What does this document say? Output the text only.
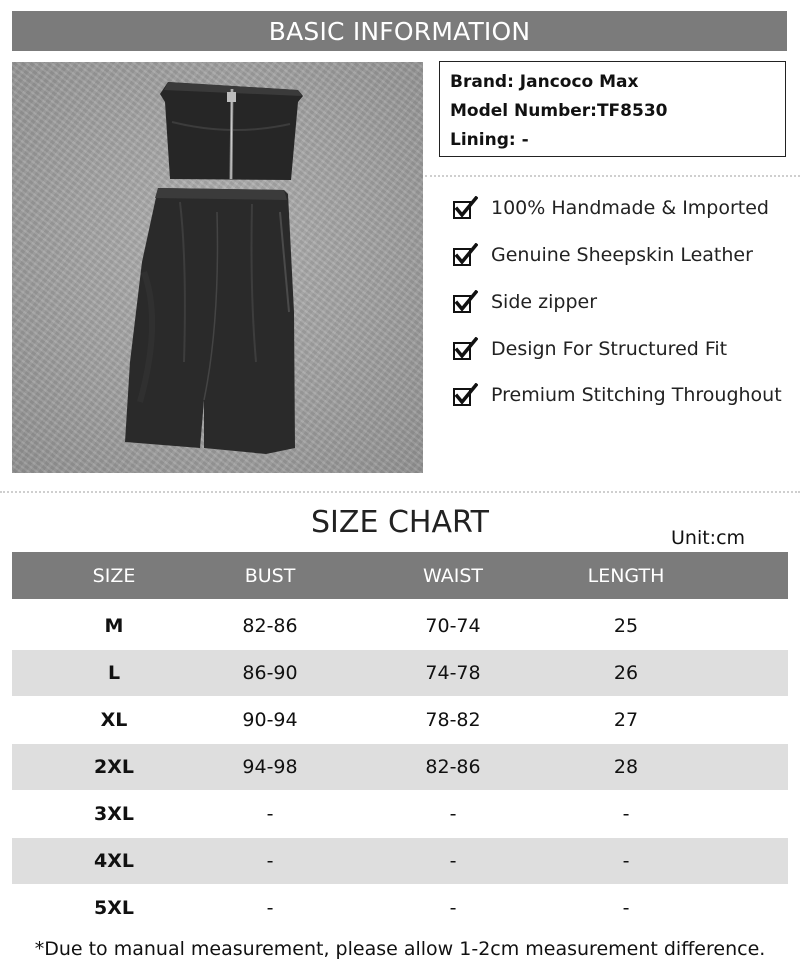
BASIC INFORMATION
Brand: Jancoco Max
Model Number:TF8530
Lining: -
100% Handmade & Imported
Genuine Sheepskin Leather
Side zipper
Design For Structured Fit
Premium Stitching Throughout
SIZE CHART	Unit:cm
SIZE	BUST	WAIST	LENGTH
M	82-86	70-74	25
L	86-90	74-78	26
XL	90-94	78-82	27
2XL	94-98	82-86	28
3XL	-	-	-
4XL	-	-	-
5XL	-	-	-
*Due to manual measurement, please allow 1-2cm measurement difference.
